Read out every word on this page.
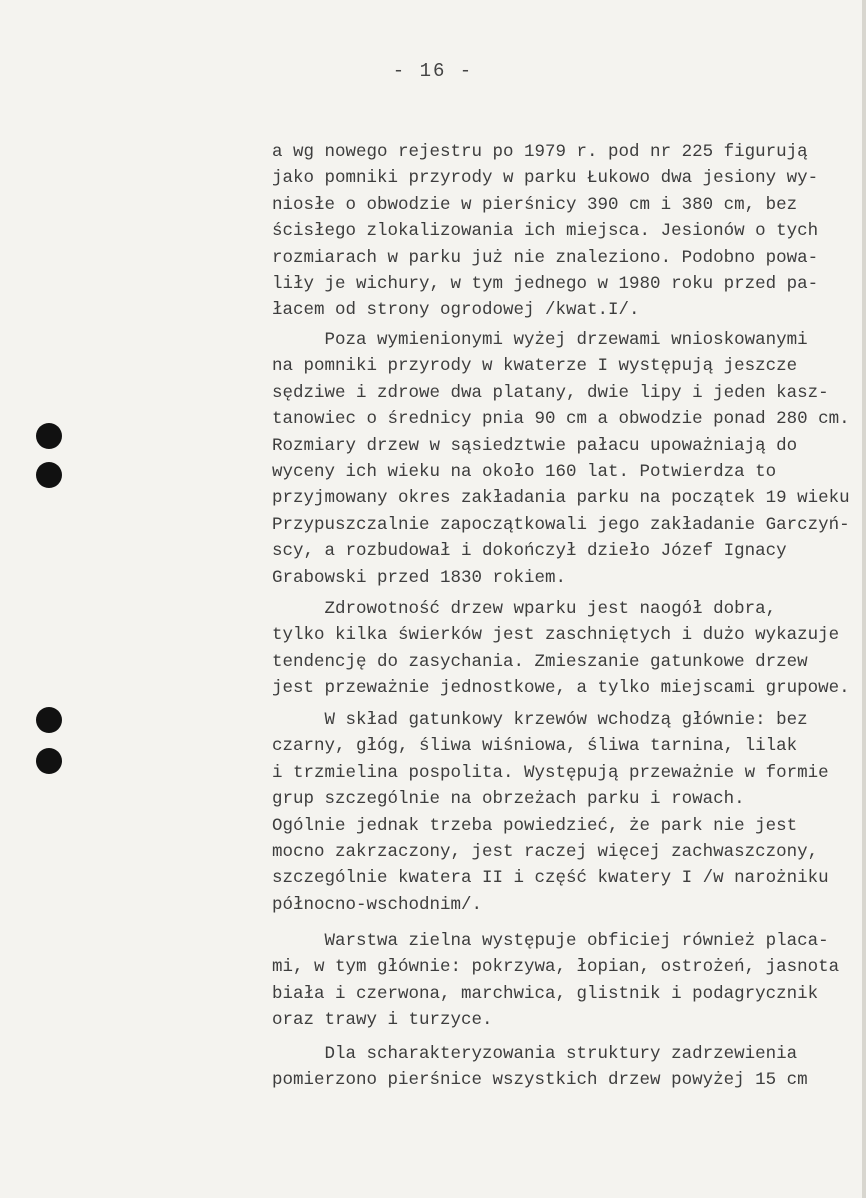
- 16 -
a wg nowego rejestru po 1979 r. pod nr 225 figurują
jako pomniki przyrody w parku Łukowo dwa jesiony wy-
niosłe o obwodzie w pierśnicy 390 cm i 380 cm, bez
ścisłego zlokalizowania ich miejsca. Jesionów o tych
rozmiarach w parku już nie znaleziono. Podobno powa-
liły je wichury, w tym jednego w 1980 roku przed pa-
łacem od strony ogrodowej /kwat.I/.
Poza wymienionymi wyżej drzewami wnioskowanymi
na pomniki przyrody w kwaterze I występują jeszcze
sędziwe i zdrowe dwa platany, dwie lipy i jeden kasz-
tanowiec o średnicy pnia 90 cm a obwodzie ponad 280 cm.
Rozmiary drzew w sąsiedztwie pałacu upoważniają do
wyceny ich wieku na około 160 lat. Potwierdza to
przyjmowany okres zakładania parku na początek 19 wieku
Przypuszczalnie zapoczątkowali jego zakładanie Garczyń-
scy, a rozbudował i dokończył dzieło Józef Ignacy
Grabowski przed 1830 rokiem.
Zdrowotność drzew wparku jest naogół dobra,
tylko kilka świerków jest zaschniętych i dużo wykazuje
tendencję do zasychania. Zmieszanie gatunkowe drzew
jest przeważnie jednostkowe, a tylko miejscami grupowe.
W skład gatunkowy krzewów wchodzą głównie: bez
czarny, głóg, śliwa wiśniowa, śliwa tarnina, lilak
i trzmielina pospolita. Występują przeważnie w formie
grup szczególnie na obrzeżach parku i rowach.
Ogólnie jednak trzeba powiedzieć, że park nie jest
mocno zakrzaczony, jest raczej więcej zachwaszczony,
szczególnie kwatera II i część kwatery I /w narożniku
północno-wschodnim/.
Warstwa zielna występuje obficiej również placa-
mi, w tym głównie: pokrzywa, łopian, ostrożeń, jasnota
biała i czerwona, marchwica, glistnik i podagrycznik
oraz trawy i turzyce.
Dla scharakteryzowania struktury zadrzewienia
pomierzono pierśnice wszystkich drzew powyżej 15 cm
